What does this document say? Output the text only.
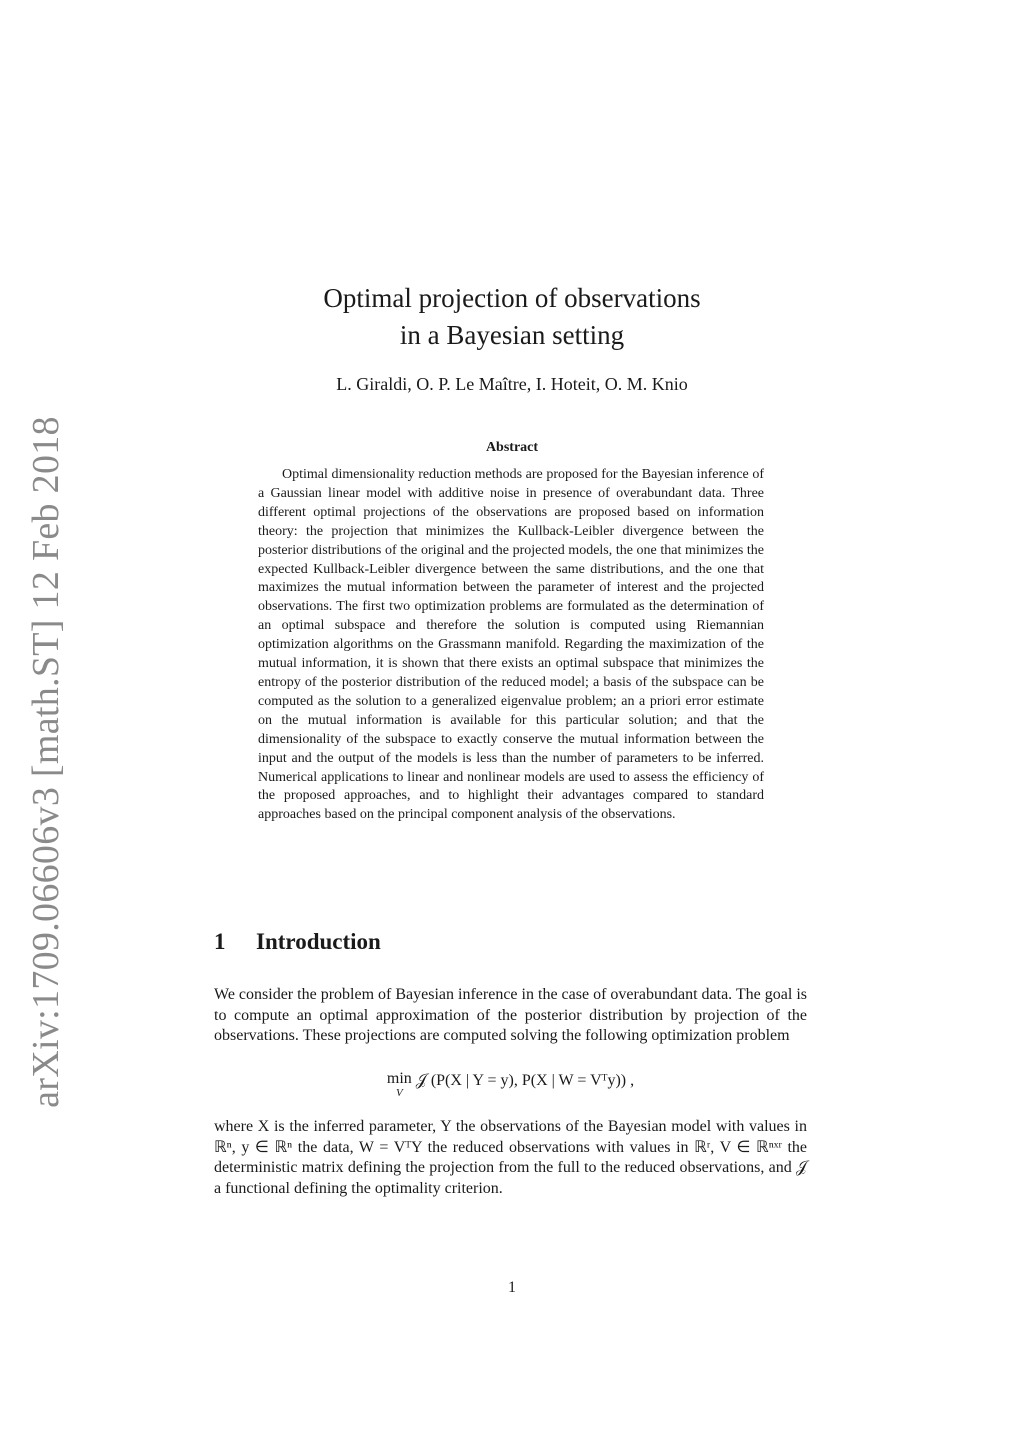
arXiv:1709.06606v3 [math.ST] 12 Feb 2018
Optimal projection of observations
in a Bayesian setting
L. Giraldi, O. P. Le Maître, I. Hoteit, O. M. Knio
Abstract

Optimal dimensionality reduction methods are proposed for the Bayesian inference of a Gaussian linear model with additive noise in presence of overabundant data. Three different optimal projections of the observations are proposed based on information theory: the projection that minimizes the Kullback-Leibler divergence between the posterior distributions of the original and the projected models, the one that minimizes the expected Kullback-Leibler divergence between the same distributions, and the one that maximizes the mutual information between the parameter of interest and the projected observations. The first two optimization problems are formulated as the determination of an optimal subspace and therefore the solution is computed using Riemannian optimization algorithms on the Grassmann manifold. Regarding the maximization of the mutual information, it is shown that there exists an optimal subspace that minimizes the entropy of the posterior distribution of the reduced model; a basis of the subspace can be computed as the solution to a generalized eigenvalue problem; an a priori error estimate on the mutual information is available for this particular solution; and that the dimensionality of the subspace to exactly conserve the mutual information between the input and the output of the models is less than the number of parameters to be inferred. Numerical applications to linear and nonlinear models are used to assess the efficiency of the proposed approaches, and to highlight their advantages compared to standard approaches based on the principal component analysis of the observations.

1 Introduction

We consider the problem of Bayesian inference in the case of overabundant data. The goal is to compute an optimal approximation of the posterior distribution by projection of the observations. These projections are computed solving the following optimization problem

min
V
𝒥 (P(X | Y = y), P(X | W = Vᵀy)) ,

where X is the inferred parameter, Y the observations of the Bayesian model with values in ℝⁿ, y ∈ ℝⁿ the data, W = VᵀY the reduced observations with values in ℝʳ, V ∈ ℝⁿˣʳ the deterministic matrix defining the projection from the full to the reduced observations, and 𝒥 a functional defining the optimality criterion.

1
